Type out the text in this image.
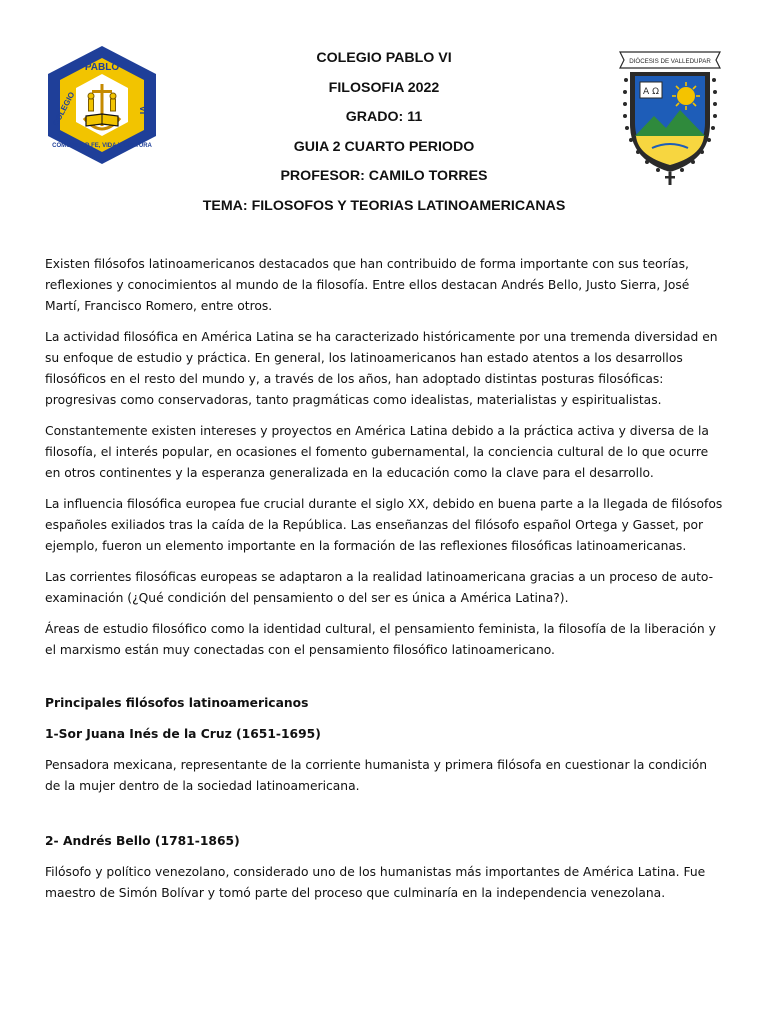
PABLO
COLEGIO	VI
COMUNIDAD FE, VIDA Y CULTURA
COLEGIO PABLO VI
FILOSOFIA 2022
GRADO: 11
GUIA 2 CUARTO PERIODO
PROFESOR: CAMILO TORRES
TEMA: FILOSOFOS Y TEORIAS LATINOAMERICANAS
DIÓCESIS DE VALLEDUPAR
A Ω

Existen filósofos latinoamericanos destacados que han contribuido de forma importante con sus teorías, reflexiones y conocimientos al mundo de la filosofía. Entre ellos destacan Andrés Bello, Justo Sierra, José Martí, Francisco Romero, entre otros.

La actividad filosófica en América Latina se ha caracterizado históricamente por una tremenda diversidad en su enfoque de estudio y práctica. En general, los latinoamericanos han estado atentos a los desarrollos filosóficos en el resto del mundo y, a través de los años, han adoptado distintas posturas filosóficas: progresivas como conservadoras, tanto pragmáticas como idealistas, materialistas y espiritualistas.

Constantemente existen intereses y proyectos en América Latina debido a la práctica activa y diversa de la filosofía, el interés popular, en ocasiones el fomento gubernamental, la conciencia cultural de lo que ocurre en otros continentes y la esperanza generalizada en la educación como la clave para el desarrollo.

La influencia filosófica europea fue crucial durante el siglo XX, debido en buena parte a la llegada de filósofos españoles exiliados tras la caída de la República. Las enseñanzas del filósofo español Ortega y Gasset, por ejemplo, fueron un elemento importante en la formación de las reflexiones filosóficas latinoamericanas.

Las corrientes filosóficas europeas se adaptaron a la realidad latinoamericana gracias a un proceso de auto-examinación (¿Qué condición del pensamiento o del ser es única a América Latina?).

Áreas de estudio filosófico como la identidad cultural, el pensamiento feminista, la filosofía de la liberación y el marxismo están muy conectadas con el pensamiento filosófico latinoamericano.

Principales filósofos latinoamericanos

1-Sor Juana Inés de la Cruz (1651-1695)

Pensadora mexicana, representante de la corriente humanista y primera filósofa en cuestionar la condición de la mujer dentro de la sociedad latinoamericana.

2- Andrés Bello (1781-1865)

Filósofo y político venezolano, considerado uno de los humanistas más importantes de América Latina. Fue maestro de Simón Bolívar y tomó parte del proceso que culminaría en la independencia venezolana.
